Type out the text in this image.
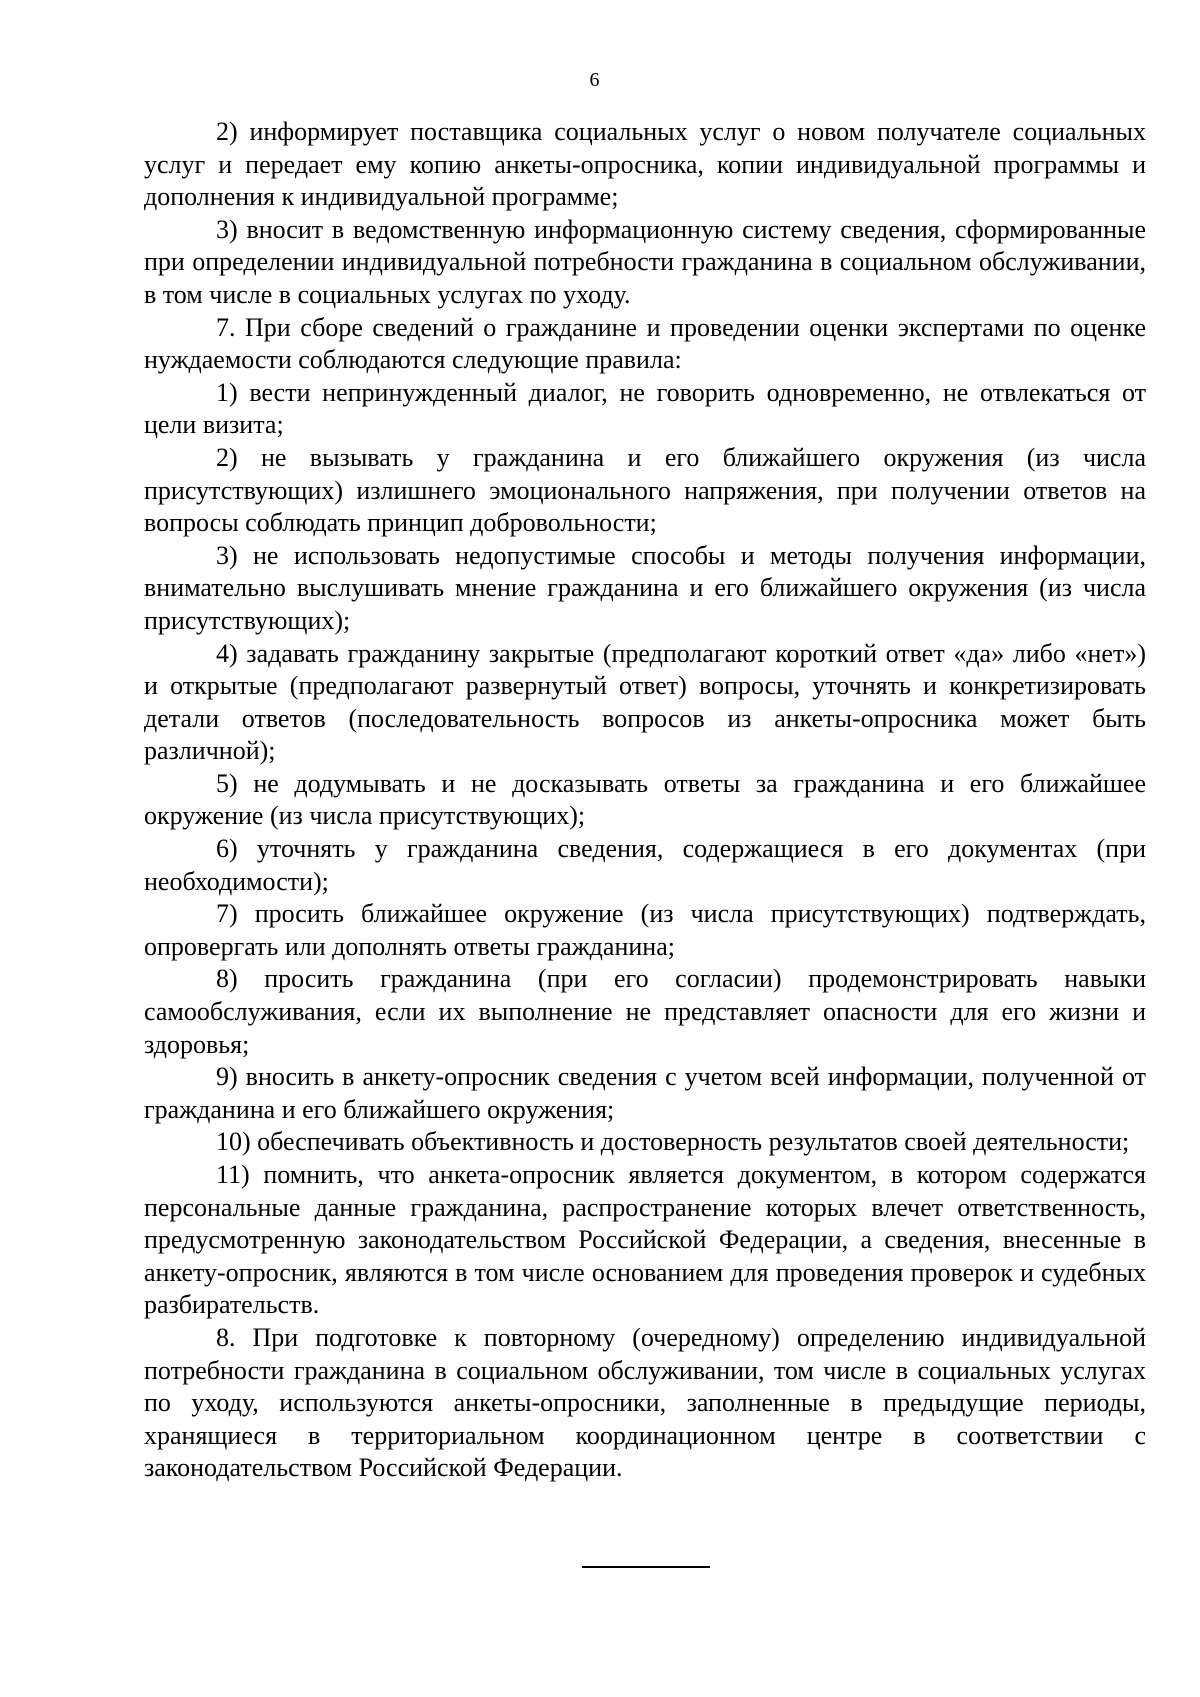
6

2) информирует поставщика социальных услуг о новом получателе социальных услуг и передает ему копию анкеты-опросника, копии индивидуальной программы и дополнения к индивидуальной программе;

3) вносит в ведомственную информационную систему сведения, сформированные при определении индивидуальной потребности гражданина в социальном обслуживании, в том числе в социальных услугах по уходу.

7. При сборе сведений о гражданине и проведении оценки экспертами по оценке нуждаемости соблюдаются следующие правила:

1) вести непринужденный диалог, не говорить одновременно, не отвлекаться от цели визита;

2) не вызывать у гражданина и его ближайшего окружения (из числа присутствующих) излишнего эмоционального напряжения, при получении ответов на вопросы соблюдать принцип добровольности;

3) не использовать недопустимые способы и методы получения информации, внимательно выслушивать мнение гражданина и его ближайшего окружения (из числа присутствующих);

4) задавать гражданину закрытые (предполагают короткий ответ «да» либо «нет») и открытые (предполагают развернутый ответ) вопросы, уточнять и конкретизировать детали ответов (последовательность вопросов из анкеты-опросника может быть различной);

5) не додумывать и не досказывать ответы за гражданина и его ближайшее окружение (из числа присутствующих);

6) уточнять у гражданина сведения, содержащиеся в его документах (при необходимости);

7) просить ближайшее окружение (из числа присутствующих) подтверждать, опровергать или дополнять ответы гражданина;

8) просить гражданина (при его согласии) продемонстрировать навыки самообслуживания, если их выполнение не представляет опасности для его жизни и здоровья;

9) вносить в анкету-опросник сведения с учетом всей информации, полученной от гражданина и его ближайшего окружения;

10) обеспечивать объективность и достоверность результатов своей деятельности;

11) помнить, что анкета-опросник является документом, в котором содержатся персональные данные гражданина, распространение которых влечет ответственность, предусмотренную законодательством Российской Федерации, а сведения, внесенные в анкету-опросник, являются в том числе основанием для проведения проверок и судебных разбирательств.

8. При подготовке к повторному (очередному) определению индивидуальной потребности гражданина в социальном обслуживании, том числе в социальных услугах по уходу, используются анкеты-опросники, заполненные в предыдущие периоды, хранящиеся в территориальном координационном центре в соответствии с законодательством Российской Федерации.
